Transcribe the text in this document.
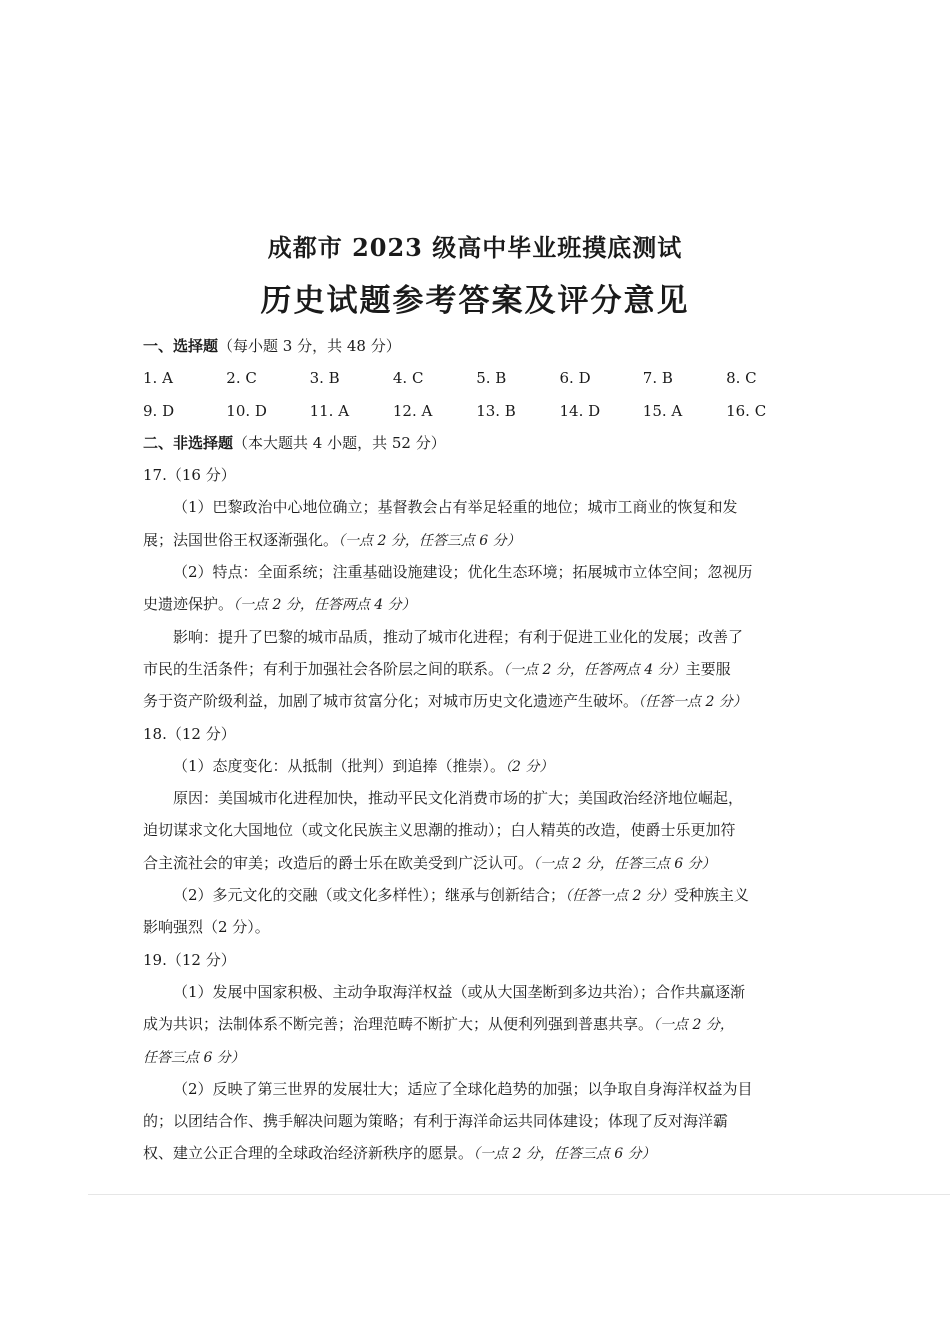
成都市 2023 级高中毕业班摸底测试
历史试题参考答案及评分意见
一、选择题（每小题 3 分，共 48 分）
1. A	2. C	3. B	4. C	5. B	6. D	7. B	8. C
9. D	10. D	11. A	12. A	13. B	14. D	15. A	16. C
二、非选择题（本大题共 4 小题，共 52 分）
17.（16 分）
（1）巴黎政治中心地位确立；基督教会占有举足轻重的地位；城市工商业的恢复和发
展；法国世俗王权逐渐强化。（一点 2 分，任答三点 6 分）
（2）特点：全面系统；注重基础设施建设；优化生态环境；拓展城市立体空间；忽视历
史遗迹保护。（一点 2 分，任答两点 4 分）
影响：提升了巴黎的城市品质，推动了城市化进程；有利于促进工业化的发展；改善了
市民的生活条件；有利于加强社会各阶层之间的联系。（一点 2 分，任答两点 4 分）主要服
务于资产阶级利益，加剧了城市贫富分化；对城市历史文化遗迹产生破坏。（任答一点 2 分）
18.（12 分）
（1）态度变化：从抵制（批判）到追捧（推崇）。（2 分）
原因：美国城市化进程加快，推动平民文化消费市场的扩大；美国政治经济地位崛起，
迫切谋求文化大国地位（或文化民族主义思潮的推动）；白人精英的改造，使爵士乐更加符
合主流社会的审美；改造后的爵士乐在欧美受到广泛认可。（一点 2 分，任答三点 6 分）
（2）多元文化的交融（或文化多样性）；继承与创新结合；（任答一点 2 分）受种族主义
影响强烈（2 分）。
19.（12 分）
（1）发展中国家积极、主动争取海洋权益（或从大国垄断到多边共治）；合作共赢逐渐
成为共识；法制体系不断完善；治理范畴不断扩大；从便利列强到普惠共享。（一点 2 分，
任答三点 6 分）
（2）反映了第三世界的发展壮大；适应了全球化趋势的加强；以争取自身海洋权益为目
的；以团结合作、携手解决问题为策略；有利于海洋命运共同体建设；体现了反对海洋霸
权、建立公正合理的全球政治经济新秩序的愿景。（一点 2 分，任答三点 6 分）
